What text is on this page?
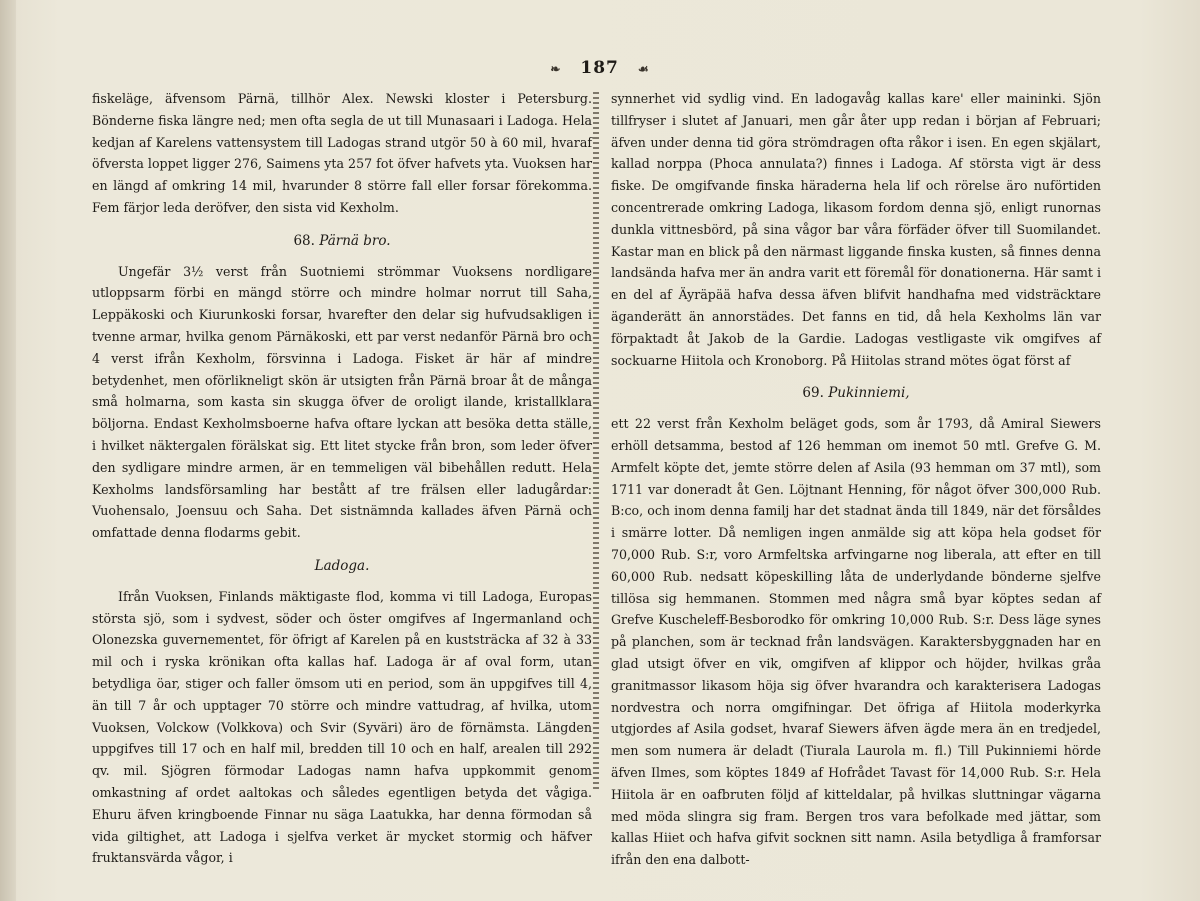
❧ 187 ☙

fiskeläge, äfvensom Pärnä, tillhör Alex. Newski kloster i Petersburg. Bönderne fiska längre ned; men ofta segla de ut till Munasaari i Ladoga. Hela kedjan af Karelens vattensystem till Ladogas strand utgör 50 à 60 mil, hvaraf öfversta loppet ligger 276, Saimens yta 257 fot öfver hafvets yta. Vuoksen har en längd af omkring 14 mil, hvarunder 8 större fall eller forsar förekomma. Fem färjor leda deröfver, den sista vid Kexholm.

68. Pärnä bro.

Ungefär 3½ verst från Suotniemi strömmar Vuoksens nordligare utloppsarm förbi en mängd större och mindre holmar norrut till Saha, Leppäkoski och Kiurunkoski forsar, hvarefter den delar sig hufvudsakligen i tvenne armar, hvilka genom Pärnäkoski, ett par verst nedanför Pärnä bro och 4 verst ifrån Kexholm, försvinna i Ladoga. Fisket är här af mindre betydenhet, men oförlikneligt skön är utsigten från Pärnä broar åt de många små holmarna, som kasta sin skugga öfver de oroligt ilande, kristallklara böljorna. Endast Kexholmsboerne hafva oftare lyckan att besöka detta ställe, i hvilket näktergalen förälskat sig. Ett litet stycke från bron, som leder öfver den sydligare mindre armen, är en temmeligen väl bibehållen redutt. Hela Kexholms landsförsamling har bestått af tre frälsen eller ladugårdar: Vuohensalo, Joensuu och Saha. Det sistnämnda kallades äfven Pärnä och omfattade denna flodarms gebit.

Ladoga.

Ifrån Vuoksen, Finlands mäktigaste flod, komma vi till Ladoga, Europas största sjö, som i sydvest, söder och öster omgifves af Ingermanland och Olonezska guvernementet, för öfrigt af Karelen på en kuststräcka af 32 à 33 mil och i ryska krönikan ofta kallas haf. Ladoga är af oval form, utan betydliga öar, stiger och faller ömsom uti en period, som än uppgifves till 4, än till 7 år och upptager 70 större och mindre vattudrag, af hvilka, utom Vuoksen, Volckow (Volkkova) och Svir (Syväri) äro de förnämsta. Längden uppgifves till 17 och en half mil, bredden till 10 och en half, arealen till 292 qv. mil. Sjögren förmodar Ladogas namn hafva uppkommit genom omkastning af ordet aaltokas och således egentligen betyda det vågiga. Ehuru äfven kringboende Finnar nu säga Laatukka, har denna förmodan så vida giltighet, att Ladoga i sjelfva verket är mycket stormig och häfver fruktansvärda vågor, i

synnerhet vid sydlig vind. En ladogavåg kallas kare' eller maininki. Sjön tillfryser i slutet af Januari, men går åter upp redan i början af Februari; äfven under denna tid göra strömdragen ofta råkor i isen. En egen skjälart, kallad norppa (Phoca annulata?) finnes i Ladoga. Af största vigt är dess fiske. De omgifvande finska häraderna hela lif och rörelse äro nuförtiden concentrerade omkring Ladoga, likasom fordom denna sjö, enligt runornas dunkla vittnesbörd, på sina vågor bar våra förfäder öfver till Suomilandet. Kastar man en blick på den närmast liggande finska kusten, så finnes denna landsända hafva mer än andra varit ett föremål för donationerna. Här samt i en del af Äyräpää hafva dessa äfven blifvit handhafna med vidsträcktare äganderätt än annorstädes. Det fanns en tid, då hela Kexholms län var förpaktadt åt Jakob de la Gardie. Ladogas vestligaste vik omgifves af sockuarne Hiitola och Kronoborg. På Hiitolas strand mötes ögat först af

69. Pukinniemi,

ett 22 verst från Kexholm beläget gods, som år 1793, då Amiral Siewers erhöll detsamma, bestod af 126 hemman om inemot 50 mtl. Grefve G. M. Armfelt köpte det, jemte större delen af Asila (93 hemman om 37 mtl), som 1711 var doneradt åt Gen. Löjtnant Henning, för något öfver 300,000 Rub. B:co, och inom denna familj har det stadnat ända till 1849, när det försåldes i smärre lotter. Då nemligen ingen anmälde sig att köpa hela godset för 70,000 Rub. S:r, voro Armfeltska arfvingarne nog liberala, att efter en till 60,000 Rub. nedsatt köpeskilling låta de underlydande bönderne sjelfve tillösa sig hemmanen. Stommen med några små byar köptes sedan af Grefve Kuscheleff-Besborodko för omkring 10,000 Rub. S:r. Dess läge synes på planchen, som är tecknad från landsvägen. Karaktersbyggnaden har en glad utsigt öfver en vik, omgifven af klippor och höjder, hvilkas gråa granitmassor likasom höja sig öfver hvarandra och karakterisera Ladogas nordvestra och norra omgifningar. Det öfriga af Hiitola moderkyrka utgjordes af Asila godset, hvaraf Siewers äfven ägde mera än en tredjedel, men som numera är deladt (Tiurala Laurola m. fl.) Till Pukinniemi hörde äfven Ilmes, som köptes 1849 af Hofrådet Tavast för 14,000 Rub. S:r. Hela Hiitola är en oafbruten följd af kitteldalar, på hvilkas sluttningar vägarna med möda slingra sig fram. Bergen tros vara befolkade med jättar, som kallas Hiiet och hafva gifvit socknen sitt namn. Asila betydliga å framforsar ifrån den ena dalbott-
